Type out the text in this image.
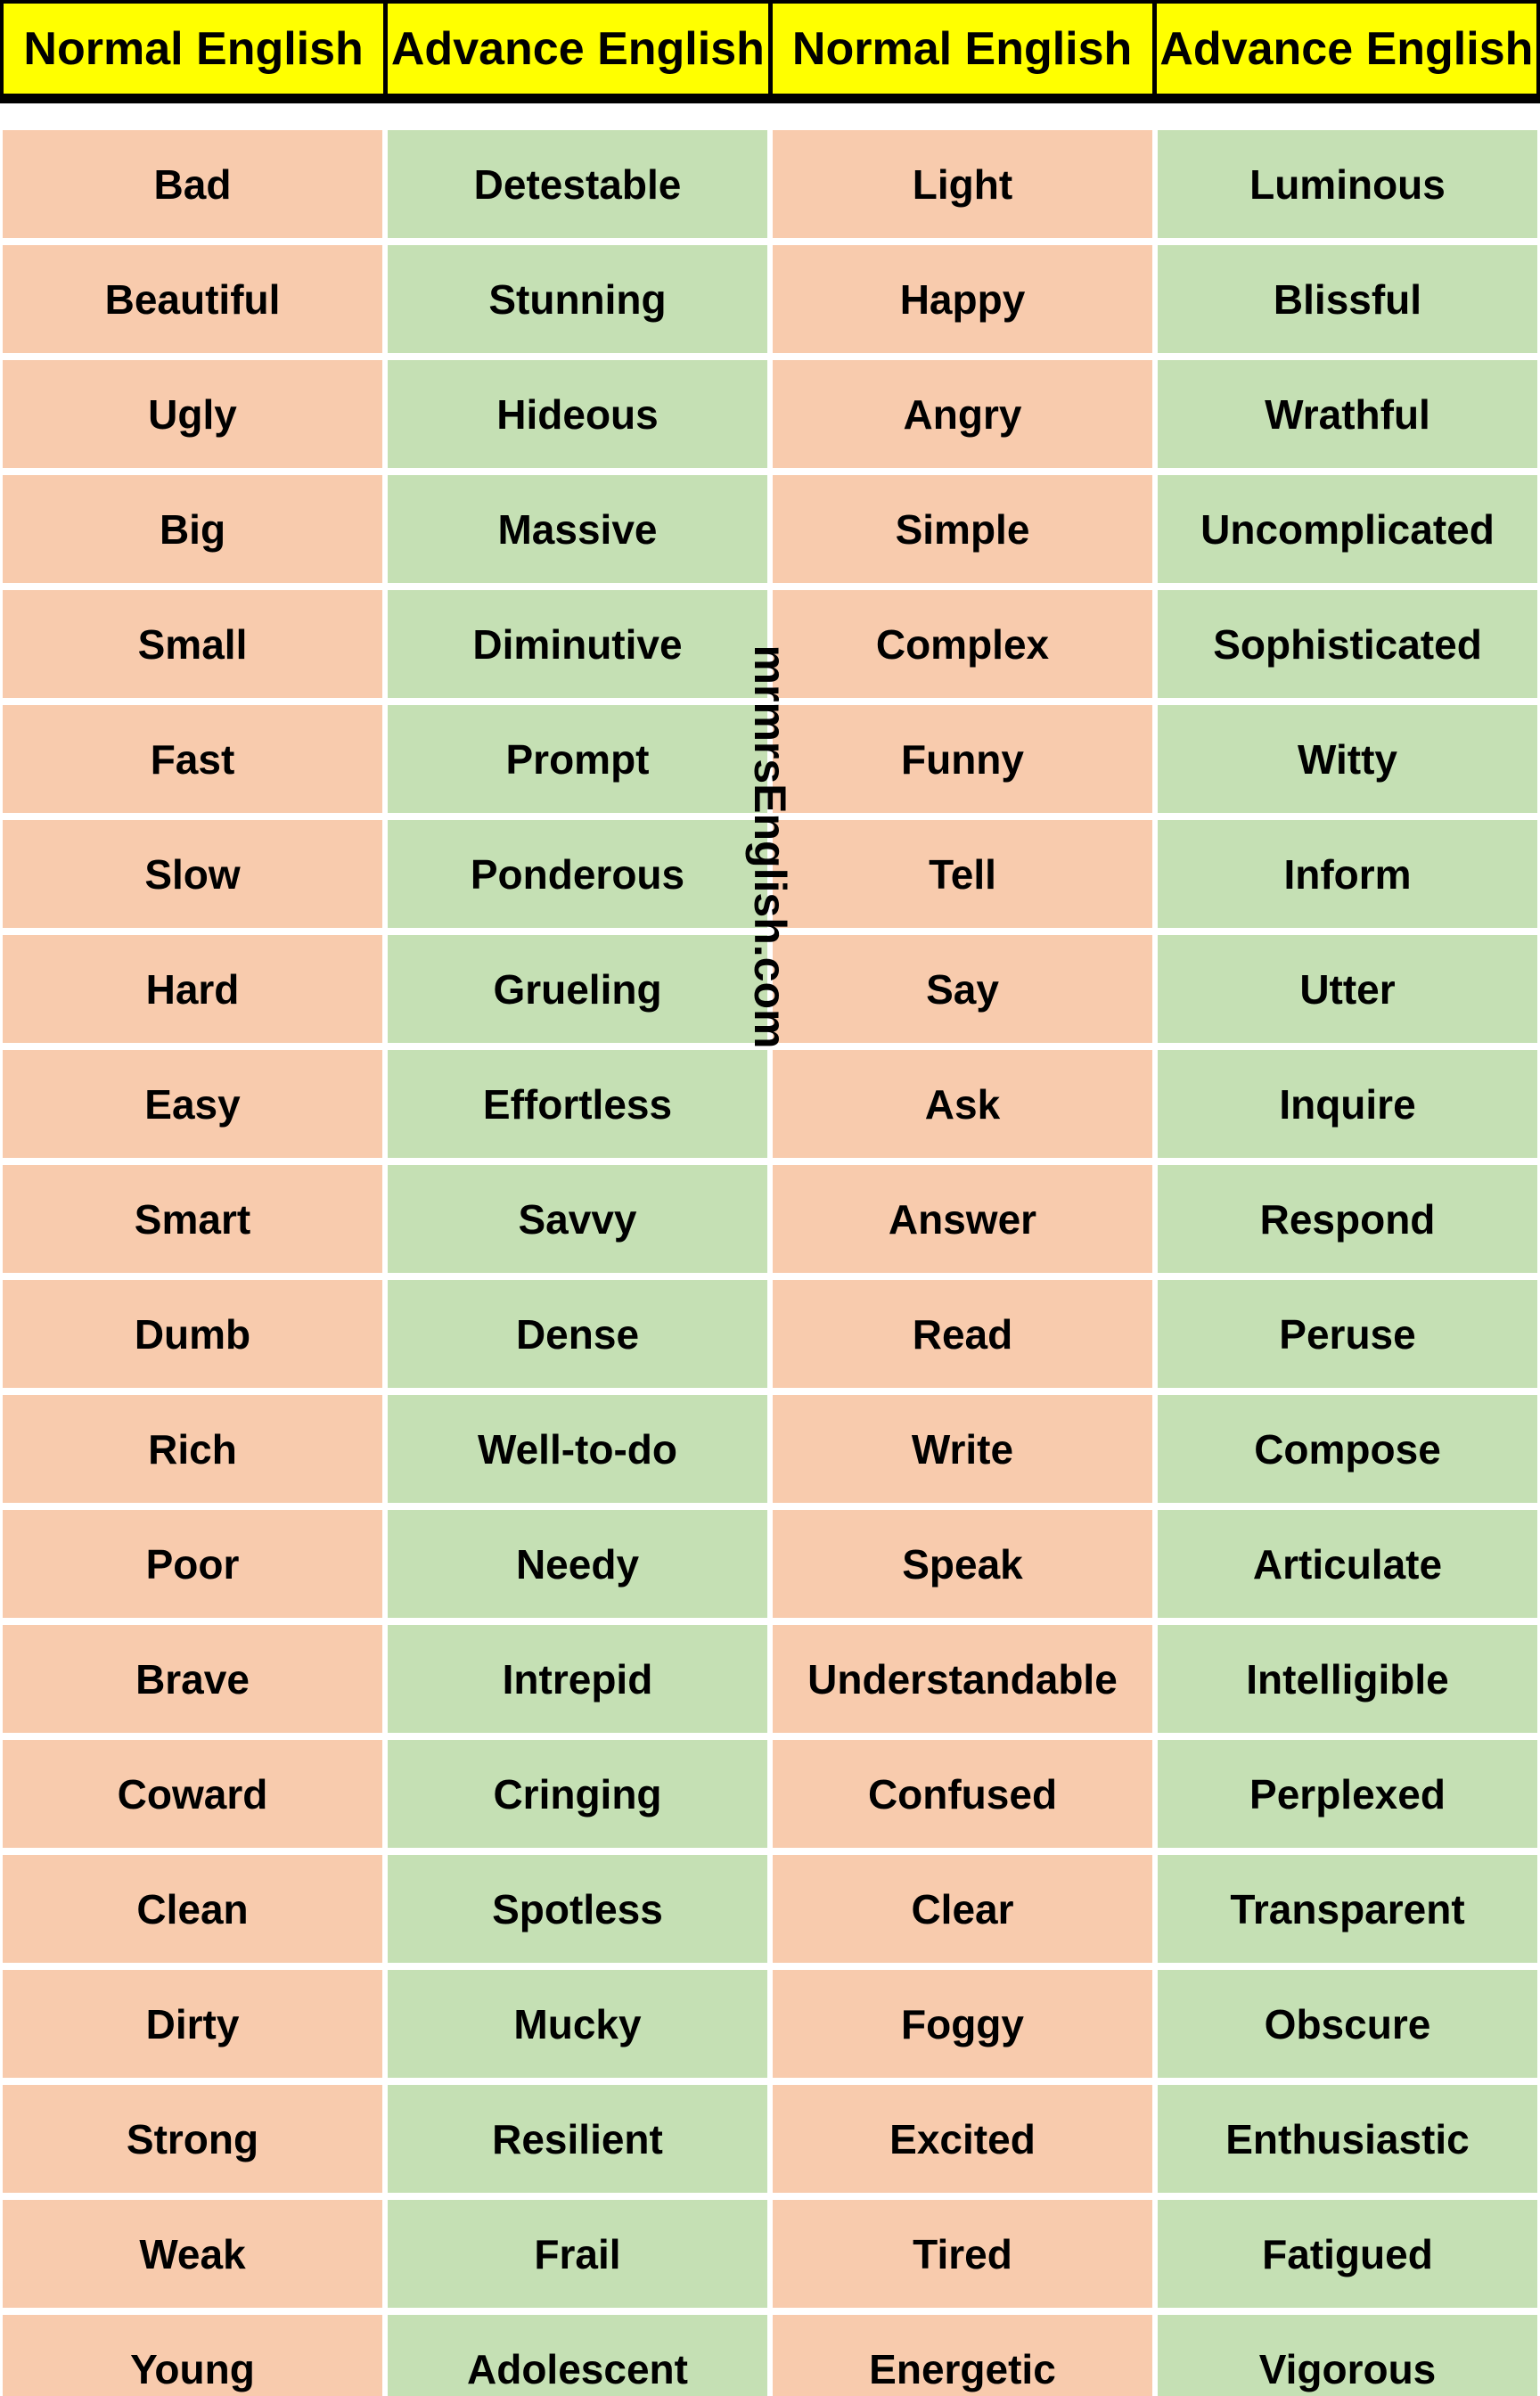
Normal English Advance English Normal English Advance English
Bad	Detestable	Light	Luminous
Beautiful	Stunning	Happy	Blissful
Ugly	Hideous	Angry	Wrathful
Big	Massive	Simple	Uncomplicated
Small	Diminutive	Complex	Sophisticated
Fast	Prompt	Funny	Witty
Slow	Ponderous	Tell	Inform
Hard	Grueling	Say	Utter
Easy	Effortless	Ask	Inquire
Smart	Savvy	Answer	Respond
Dumb	Dense	Read	Peruse
Rich	Well-to-do	Write	Compose
Poor	Needy	Speak	Articulate
Brave	Intrepid	Understandable	Intelligible
Coward	Cringing	Confused	Perplexed
Clean	Spotless	Clear	Transparent
Dirty	Mucky	Foggy	Obscure
Strong	Resilient	Excited	Enthusiastic
Weak	Frail	Tired	Fatigued
Young	Adolescent	Energetic	Vigorous
mrmrsEnglish.com
